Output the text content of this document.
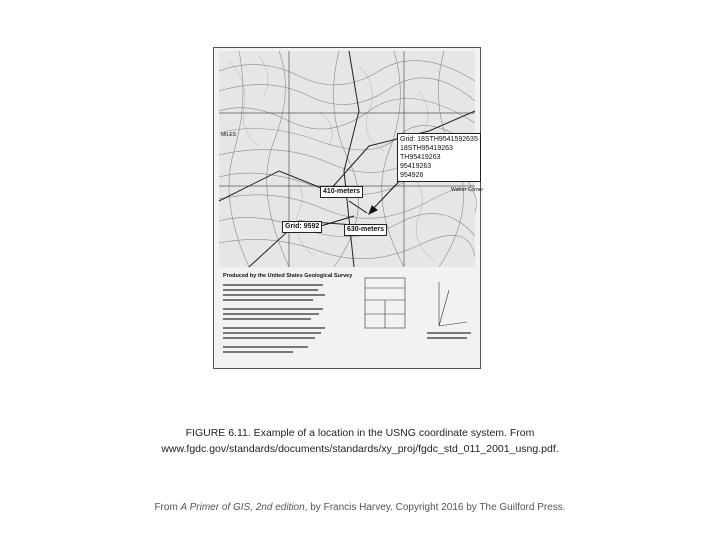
MILES
Walker Corner
Grid: 18STH9541592635
18STH95419263
TH95419263
95419263
954926
410-meters
630-meters
Grid: 9592
Produced by the United States Geological Survey
FIGURE 6.11. Example of a location in the USNG coordinate system. From
www.fgdc.gov/standards/documents/standards/xy_proj/fgdc_std_011_2001_usng.pdf.
From A Primer of GIS, 2nd edition, by Francis Harvey. Copyright 2016 by The Guilford Press.
